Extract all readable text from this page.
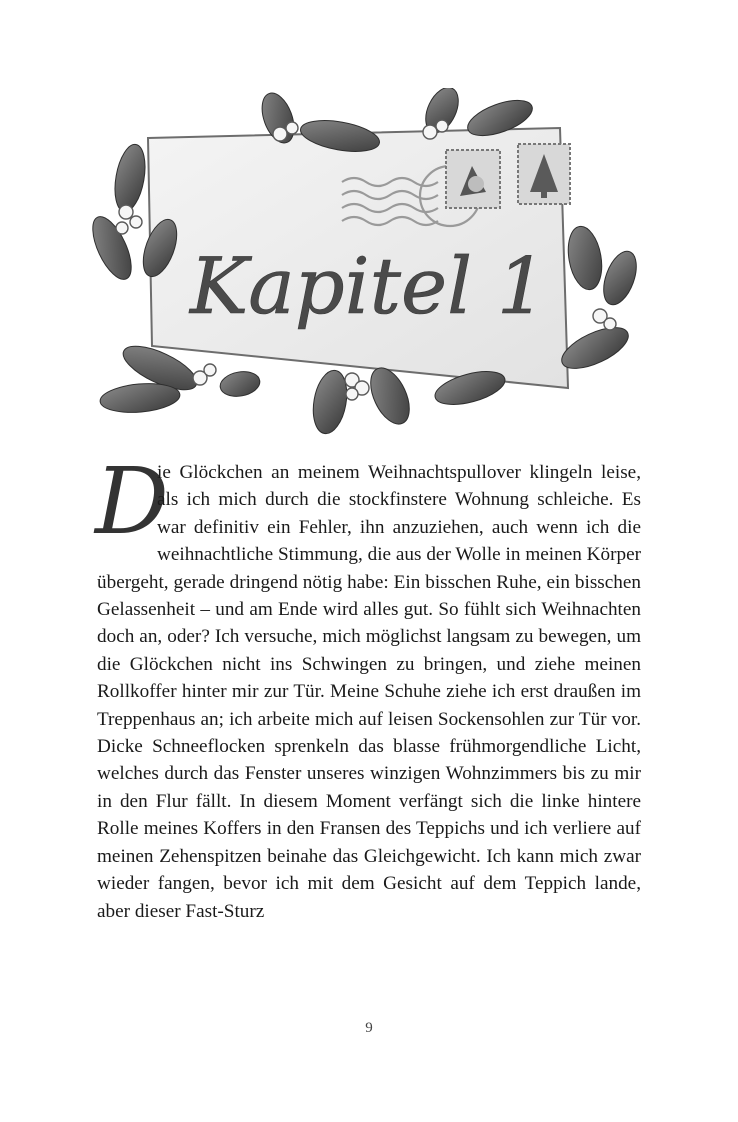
Kapitel 1
D

ie Glöckchen an meinem Weihnachtspullover klingeln leise, als ich mich durch die stockfinstere Wohnung schleiche. Es war definitiv ein Fehler, ihn anzuziehen, auch wenn ich die weihnachtliche Stimmung, die aus der Wolle in meinen Körper übergeht, gerade dringend nötig habe: Ein bisschen Ruhe, ein bisschen Gelassenheit – und am Ende wird alles gut. So fühlt sich Weihnachten doch an, oder? Ich versuche, mich möglichst langsam zu bewegen, um die Glöckchen nicht ins Schwingen zu bringen, und ziehe meinen Rollkoffer hinter mir zur Tür. Meine Schuhe ziehe ich erst draußen im Treppenhaus an; ich arbeite mich auf leisen Sockensohlen zur Tür vor. Dicke Schneeflocken sprenkeln das blasse frühmorgendliche Licht, welches durch das Fenster unseres winzigen Wohnzimmers bis zu mir in den Flur fällt. In diesem Moment verfängt sich die linke hintere Rolle meines Koffers in den Fransen des Teppichs und ich verliere auf meinen Zehenspitzen beinahe das Gleichgewicht. Ich kann mich zwar wieder fangen, bevor ich mit dem Gesicht auf dem Teppich lande, aber dieser Fast-Sturz

9
